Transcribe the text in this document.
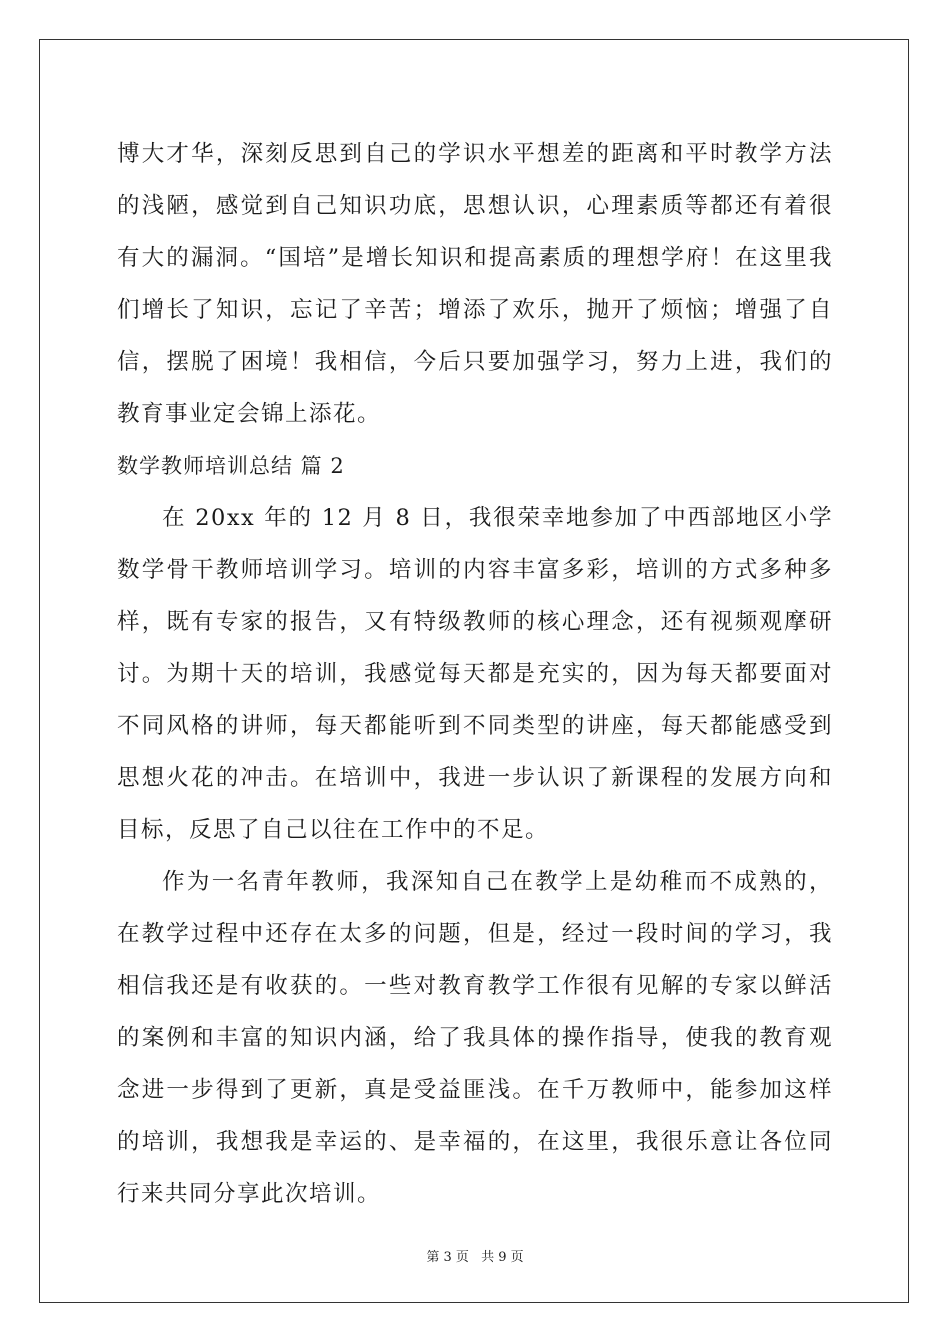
博大才华，深刻反思到自己的学识水平想差的距离和平时教学方法的浅陋，感觉到自己知识功底，思想认识，心理素质等都还有着很有大的漏洞。“国培”是增长知识和提高素质的理想学府！在这里我们增长了知识，忘记了辛苦；增添了欢乐，抛开了烦恼；增强了自信，摆脱了困境！我相信，今后只要加强学习，努力上进，我们的教育事业定会锦上添花。

数学教师培训总结 篇 2

在 20xx 年的 12 月 8 日，我很荣幸地参加了中西部地区小学数学骨干教师培训学习。培训的内容丰富多彩，培训的方式多种多样，既有专家的报告，又有特级教师的核心理念，还有视频观摩研讨。为期十天的培训，我感觉每天都是充实的，因为每天都要面对不同风格的讲师，每天都能听到不同类型的讲座，每天都能感受到思想火花的冲击。在培训中，我进一步认识了新课程的发展方向和目标，反思了自己以往在工作中的不足。

作为一名青年教师，我深知自己在教学上是幼稚而不成熟的，在教学过程中还存在太多的问题，但是，经过一段时间的学习，我相信我还是有收获的。一些对教育教学工作很有见解的专家以鲜活的案例和丰富的知识内涵，给了我具体的操作指导，使我的教育观念进一步得到了更新，真是受益匪浅。在千万教师中，能参加这样的培训，我想我是幸运的、是幸福的，在这里，我很乐意让各位同行来共同分享此次培训。

第 3 页 共 9 页
